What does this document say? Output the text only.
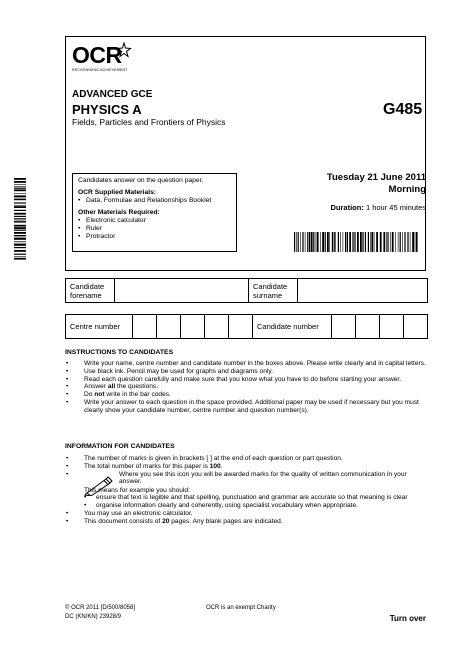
OCR
RECOGNISING ACHIEVEMENT
ADVANCED GCE
PHYSICS A	G485
Fields, Particles and Frontiers of Physics
Candidates answer on the question paper.
OCR Supplied Materials:
• Data, Formulae and Relationships Booklet
Other Materials Required:
• Electronic calculator
• Ruler
• Protractor
Tuesday 21 June 2011
Morning
Duration: 1 hour 45 minutes
Candidate forename		Candidate surname	
Centre number						Candidate number				
INSTRUCTIONS TO CANDIDATES
• Write your name, centre number and candidate number in the boxes above. Please write clearly and in capital letters.
• Use black ink. Pencil may be used for graphs and diagrams only.
• Read each question carefully and make sure that you know what you have to do before starting your answer.
• Answer all the questions.
• Do not write in the bar codes.
• Write your answer to each question in the space provided. Additional paper may be used if necessary but you must clearly show your candidate number, centre number and question number(s).
INFORMATION FOR CANDIDATES
• The number of marks is given in brackets [ ] at the end of each question or part question.
• The total number of marks for this paper is 100.
• Where you see this icon you will be awarded marks for the quality of written communication in your answer.
This means for example you should:
• ensure that text is legible and that spelling, punctuation and grammar are accurate so that meaning is clear
• organise information clearly and coherently, using specialist vocabulary when appropriate.
• You may use an electronic calculator.
• This document consists of 20 pages. Any blank pages are indicated.
© OCR 2011 [D/500/8058]
DC (KN/KN) 23928/9
OCR is an exempt Charity
Turn over
